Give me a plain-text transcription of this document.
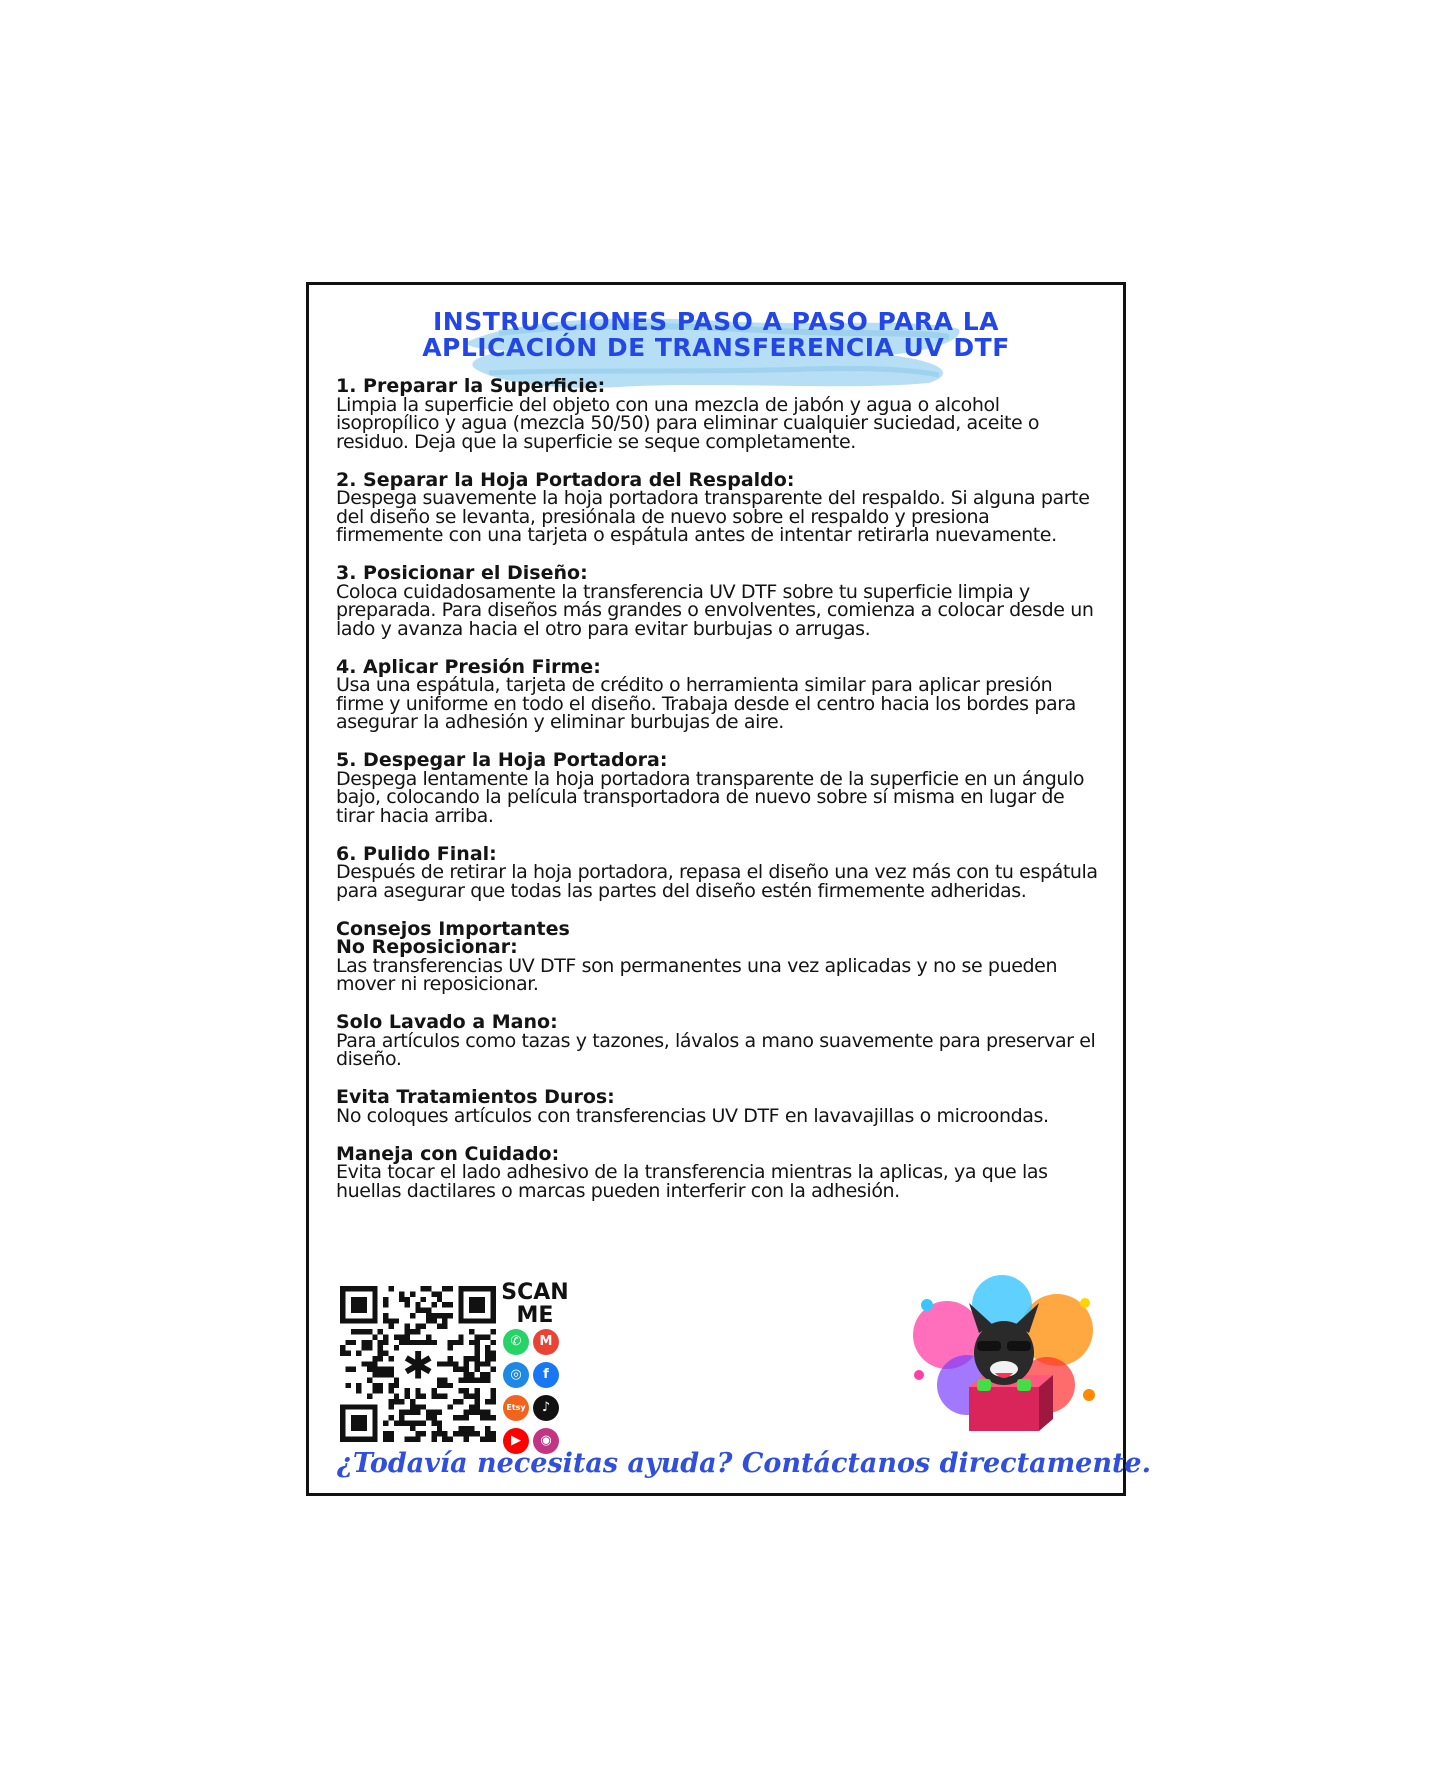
INSTRUCCIONES PASO A PASO PARA LA
APLICACIÓN DE TRANSFERENCIA UV DTF
1. Preparar la Superficie:

Limpia la superficie del objeto con una mezcla de jabón y agua o alcohol isopropílico y agua (mezcla 50/50) para eliminar cualquier suciedad, aceite o residuo. Deja que la superficie se seque completamente.

2. Separar la Hoja Portadora del Respaldo:

Despega suavemente la hoja portadora transparente del respaldo. Si alguna parte del diseño se levanta, presiónala de nuevo sobre el respaldo y presiona firmemente con una tarjeta o espátula antes de intentar retirarla nuevamente.

3. Posicionar el Diseño:

Coloca cuidadosamente la transferencia UV DTF sobre tu superficie limpia y preparada. Para diseños más grandes o envolventes, comienza a colocar desde un lado y avanza hacia el otro para evitar burbujas o arrugas.

4. Aplicar Presión Firme:

Usa una espátula, tarjeta de crédito o herramienta similar para aplicar presión firme y uniforme en todo el diseño. Trabaja desde el centro hacia los bordes para asegurar la adhesión y eliminar burbujas de aire.

5. Despegar la Hoja Portadora:

Despega lentamente la hoja portadora transparente de la superficie en un ángulo bajo, colocando la película transportadora de nuevo sobre sí misma en lugar de tirar hacia arriba.

6. Pulido Final:

Después de retirar la hoja portadora, repasa el diseño una vez más con tu espátula para asegurar que todas las partes del diseño estén firmemente adheridas.

Consejos Importantes
No Reposicionar:

Las transferencias UV DTF son permanentes una vez aplicadas y no se pueden mover ni reposicionar.

Solo Lavado a Mano:

Para artículos como tazas y tazones, lávalos a mano suavemente para preservar el diseño.

Evita Tratamientos Duros:

No coloques artículos con transferencias UV DTF en lavavajillas o microondas.

Maneja con Cuidado:

Evita tocar el lado adhesivo de la transferencia mientras la aplicas, ya que las huellas dactilares o marcas pueden interferir con la adhesión.

✱
SCAN
ME
✆ M◎ fEtsy ♪▶ ◉
¿Todavía necesitas ayuda? Contáctanos directamente.
